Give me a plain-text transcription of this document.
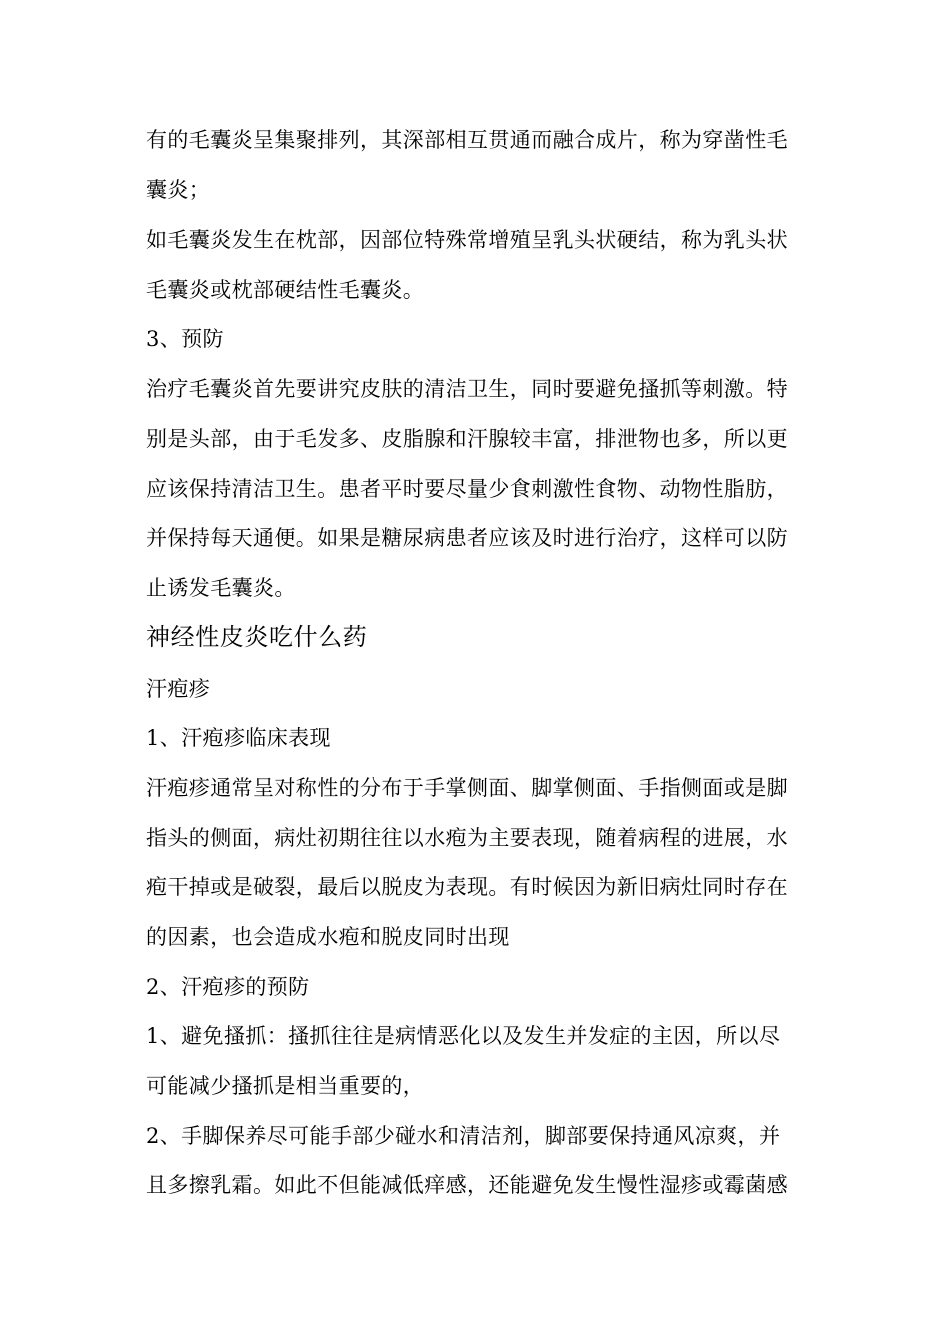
有的毛囊炎呈集聚排列，其深部相互贯通而融合成片，称为穿凿性毛
囊炎；
如毛囊炎发生在枕部，因部位特殊常增殖呈乳头状硬结，称为乳头状
毛囊炎或枕部硬结性毛囊炎。
3、预防
治疗毛囊炎首先要讲究皮肤的清洁卫生，同时要避免搔抓等刺激。特
别是头部，由于毛发多、皮脂腺和汗腺较丰富，排泄物也多，所以更
应该保持清洁卫生。患者平时要尽量少食刺激性食物、动物性脂肪，
并保持每天通便。如果是糖尿病患者应该及时进行治疗，这样可以防
止诱发毛囊炎。
神经性皮炎吃什么药
汗疱疹
1、汗疱疹临床表现
汗疱疹通常呈对称性的分布于手掌侧面、脚掌侧面、手指侧面或是脚
指头的侧面，病灶初期往往以水疱为主要表现，随着病程的进展，水
疱干掉或是破裂，最后以脱皮为表现。有时候因为新旧病灶同时存在
的因素，也会造成水疱和脱皮同时出现
2、汗疱疹的预防
1、避免搔抓：搔抓往往是病情恶化以及发生并发症的主因，所以尽
可能减少搔抓是相当重要的，
2、手脚保养尽可能手部少碰水和清洁剂，脚部要保持通风凉爽，并
且多擦乳霜。如此不但能减低痒感，还能避免发生慢性湿疹或霉菌感
